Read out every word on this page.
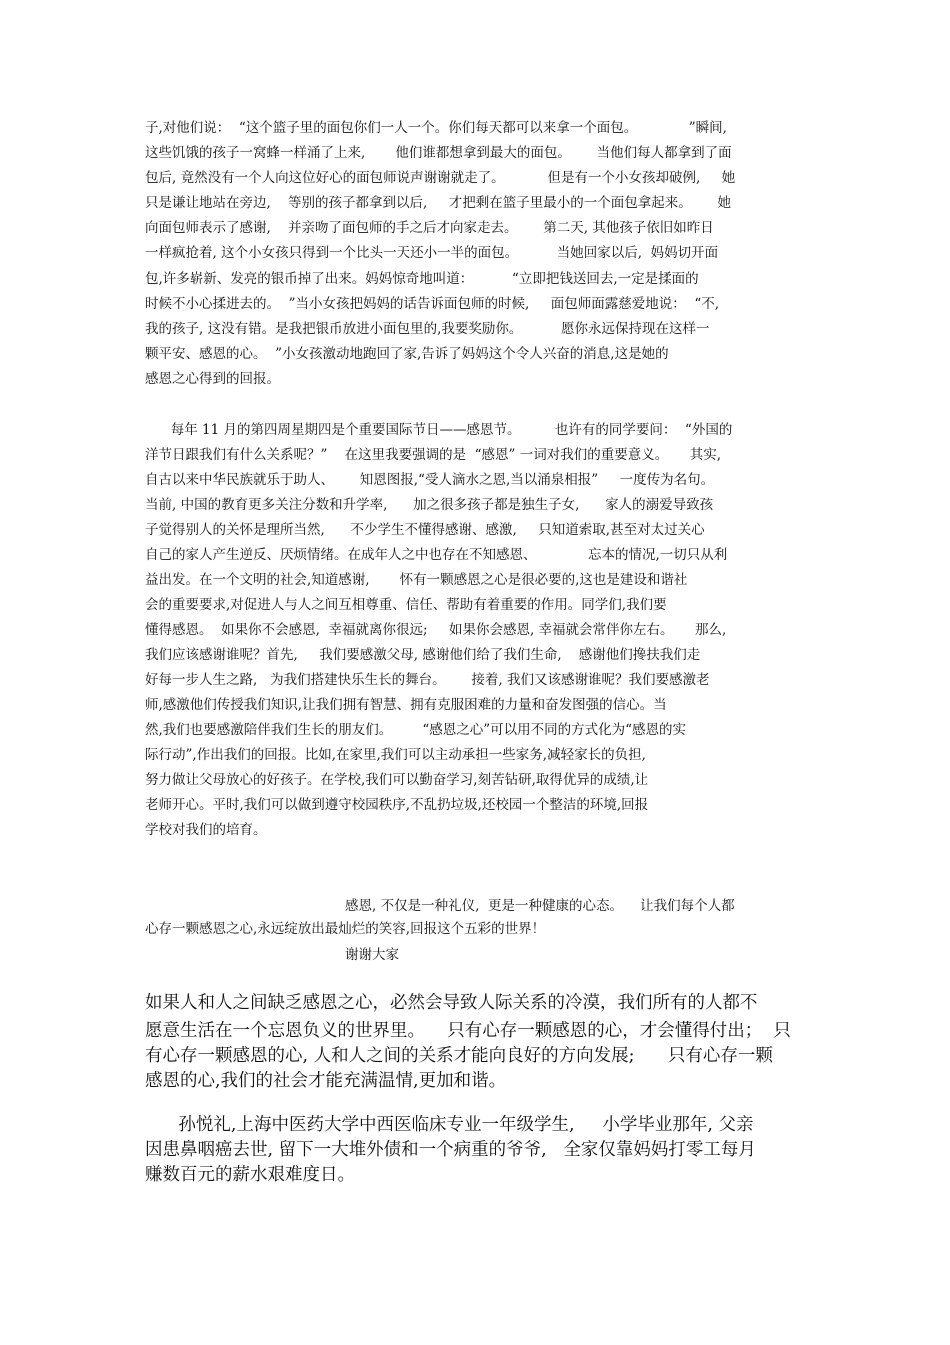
子,对他们说：  “这个篮子里的面包你们一人一个。你们每天都可以来拿一个面包。            ”瞬间,
这些饥饿的孩子一窝蜂一样涌了上来,       他们谁都想拿到最大的面包。      当他们每人都拿到了面
包后, 竟然没有一个人向这位好心的面包师说声谢谢就走了。          但是有一个小女孩却破例,     她
只是谦让地站在旁边,    等别的孩子都拿到以后,     才把剩在篮子里最小的一个面包拿起来。      她
向面包师表示了感谢,    并亲吻了面包师的手之后才向家走去。      第二天, 其他孩子依旧如昨日
一样疯抢着, 这个小女孩只得到一个比头一天还小一半的面包。         当她回家以后,  妈妈切开面
包,许多崭新、发亮的银币掉了出来。妈妈惊奇地叫道：         “立即把钱送回去,一定是揉面的
时候不小心揉进去的。  ”当小女孩把妈妈的话告诉面包师的时候,     面包师面露慈爱地说：  “不,
我的孩子, 这没有错。是我把银币放进小面包里的,我要奖励你。         愿你永远保持现在这样一
颗平安、感恩的心。  ”小女孩激动地跑回了家,告诉了妈妈这个令人兴奋的消息,这是她的
感恩之心得到的回报。
每年 11 月的第四周星期四是个重要国际节日——感恩节。        也许有的同学要问：  “外国的
洋节日跟我们有什么关系呢？”    在这里我要强调的是  “感恩” 一词对我们的重要意义。     其实,
自古以来中华民族就乐于助人、      知恩图报,“受人滴水之恩,当以涌泉相报”     一度传为名句。
当前, 中国的教育更多关注分数和升学率,      加之很多孩子都是独生子女,      家人的溺爱导致孩
子觉得别人的关怀是理所当然,      不少学生不懂得感谢、感激,     只知道索取,甚至对太过关心
自己的家人产生逆反、厌烦情绪。在成年人之中也存在不知感恩、            忘本的情况,一切只从利
益出发。在一个文明的社会,知道感谢,       怀有一颗感恩之心是很必要的,这也是建设和谐社
会的重要要求,对促进人与人之间互相尊重、信任、帮助有着重要的作用。同学们,我们要
懂得感恩。  如果你不会感恩,  幸福就离你很远;     如果你会感恩, 幸福就会常伴你左右。     那么,
我们应该感谢谁呢？首先,     我们要感激父母, 感谢他们给了我们生命,    感谢他们搀扶我们走
好每一步人生之路,   为我们搭建快乐生长的舞台。      接着, 我们又该感谢谁呢？我们要感激老
师,感激他们传授我们知识,让我们拥有智慧、拥有克服困难的力量和奋发图强的信心。当
然,我们也要感激陪伴我们生长的朋友们。       “感恩之心”可以用不同的方式化为“感恩的实
际行动”,作出我们的回报。比如,在家里,我们可以主动承担一些家务,减轻家长的负担,
努力做让父母放心的好孩子。在学校,我们可以勤奋学习,刻苦钻研,取得优异的成绩,让
老师开心。平时,我们可以做到遵守校园秩序,不乱扔垃圾,还校园一个整洁的环境,回报
学校对我们的培育。
感恩, 不仅是一种礼仪,  更是一种健康的心态。    让我们每个人都
心存一颗感恩之心,永远绽放出最灿烂的笑容,回报这个五彩的世界！
谢谢大家
如果人和人之间缺乏感恩之心，必然会导致人际关系的冷漠，我们所有的人都不
愿意生活在一个忘恩负义的世界里。    只有心存一颗感恩的心，才会懂得付出；  只
有心存一颗感恩的心, 人和人之间的关系才能向良好的方向发展;      只有心存一颗
感恩的心,我们的社会才能充满温情,更加和谐。
孙悦礼,上海中医药大学中西医临床专业一年级学生,     小学毕业那年, 父亲
因患鼻咽癌去世, 留下一大堆外债和一个病重的爷爷,   全家仅靠妈妈打零工每月
赚数百元的薪水艰难度日。
